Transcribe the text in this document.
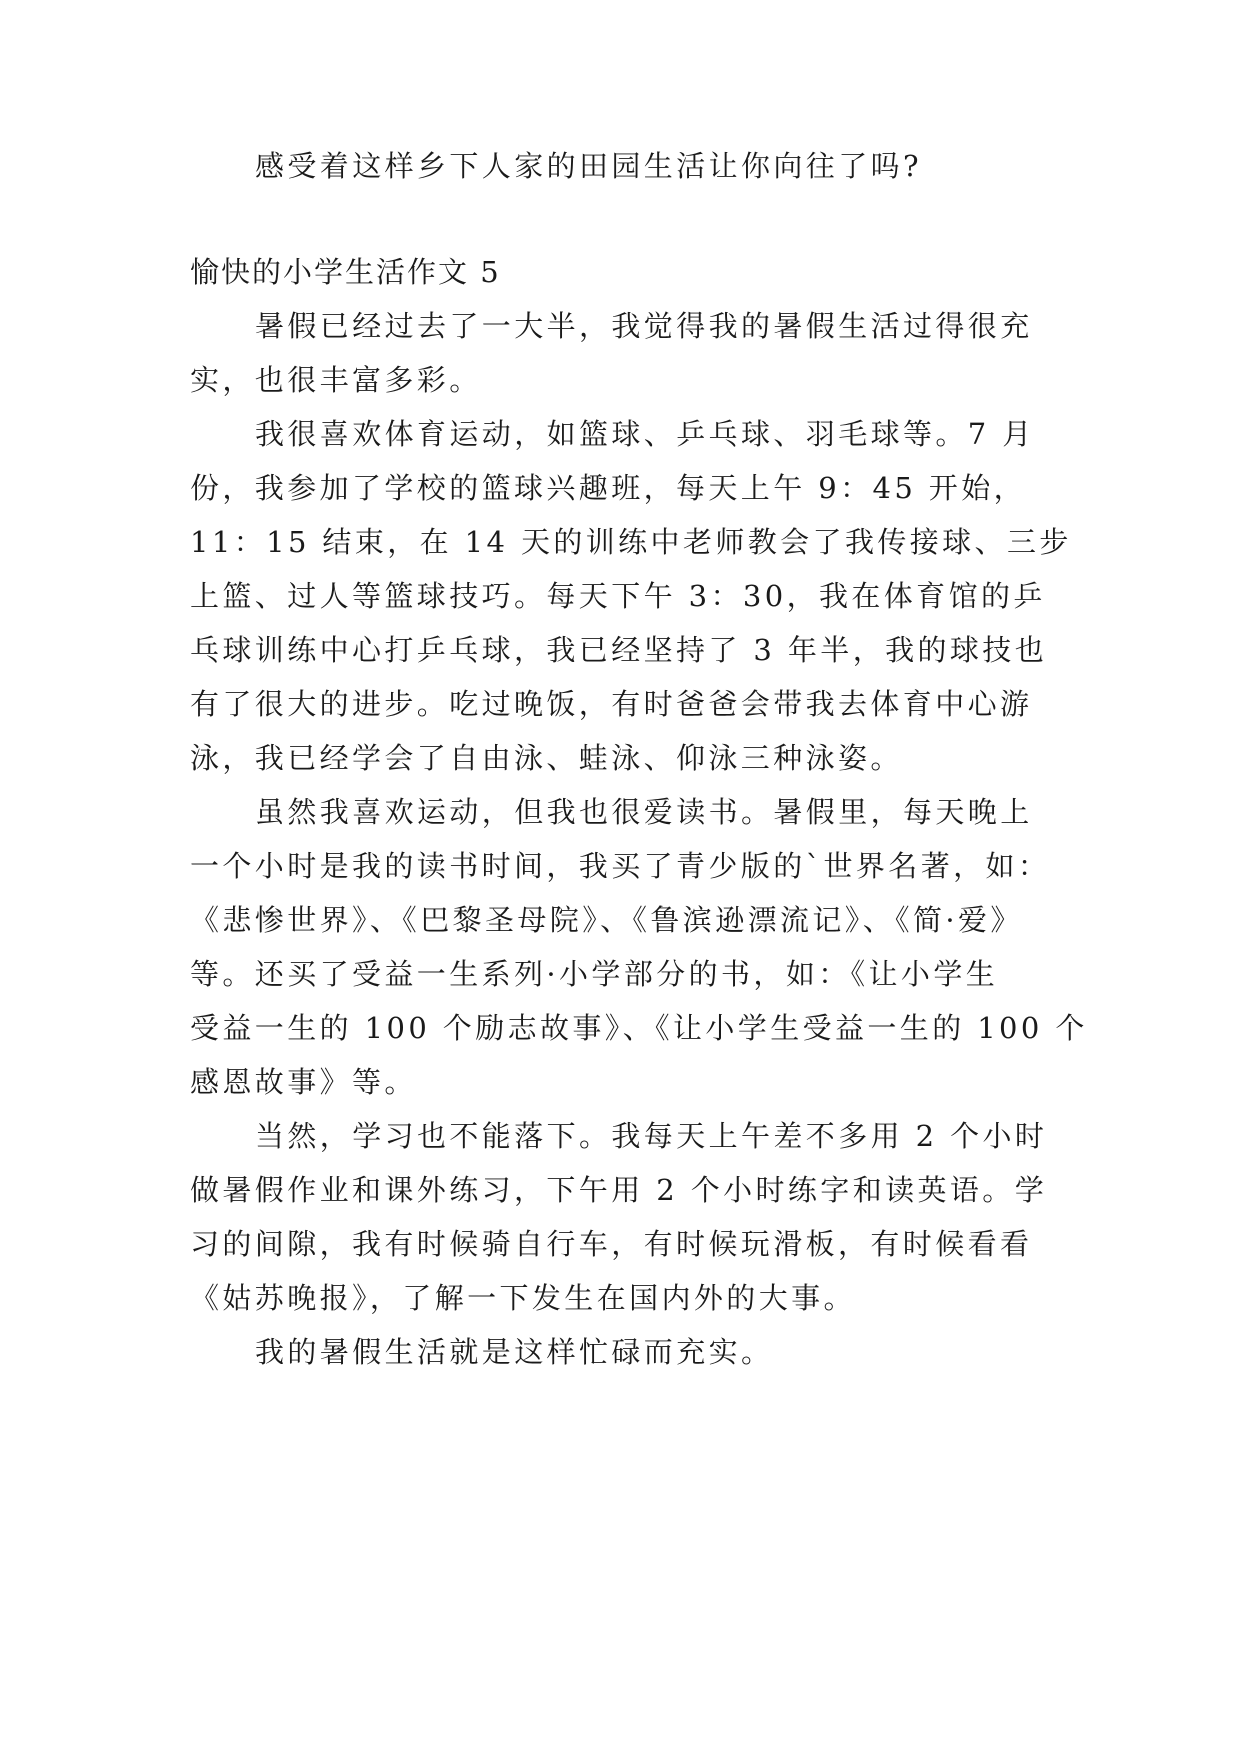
感受着这样乡下人家的田园生活让你向往了吗?
愉快的小学生活作文 5
暑假已经过去了一大半，我觉得我的暑假生活过得很充
实，也很丰富多彩。
我很喜欢体育运动，如篮球、乒乓球、羽毛球等。7 月
份，我参加了学校的篮球兴趣班，每天上午 9：45 开始，
11：15 结束，在 14 天的训练中老师教会了我传接球、三步
上篮、过人等篮球技巧。每天下午 3：30，我在体育馆的乒
乓球训练中心打乒乓球，我已经坚持了 3 年半，我的球技也
有了很大的进步。吃过晚饭，有时爸爸会带我去体育中心游
泳，我已经学会了自由泳、蛙泳、仰泳三种泳姿。
虽然我喜欢运动，但我也很爱读书。暑假里，每天晚上
一个小时是我的读书时间，我买了青少版的`世界名著，如：
《悲惨世界》、《巴黎圣母院》、《鲁滨逊漂流记》、《简·爱》
等。还买了受益一生系列·小学部分的书，如：《让小学生
受益一生的 100 个励志故事》、《让小学生受益一生的 100 个
感恩故事》等。
当然，学习也不能落下。我每天上午差不多用 2 个小时
做暑假作业和课外练习，下午用 2 个小时练字和读英语。学
习的间隙，我有时候骑自行车，有时候玩滑板，有时候看看
《姑苏晚报》，了解一下发生在国内外的大事。
我的暑假生活就是这样忙碌而充实。
